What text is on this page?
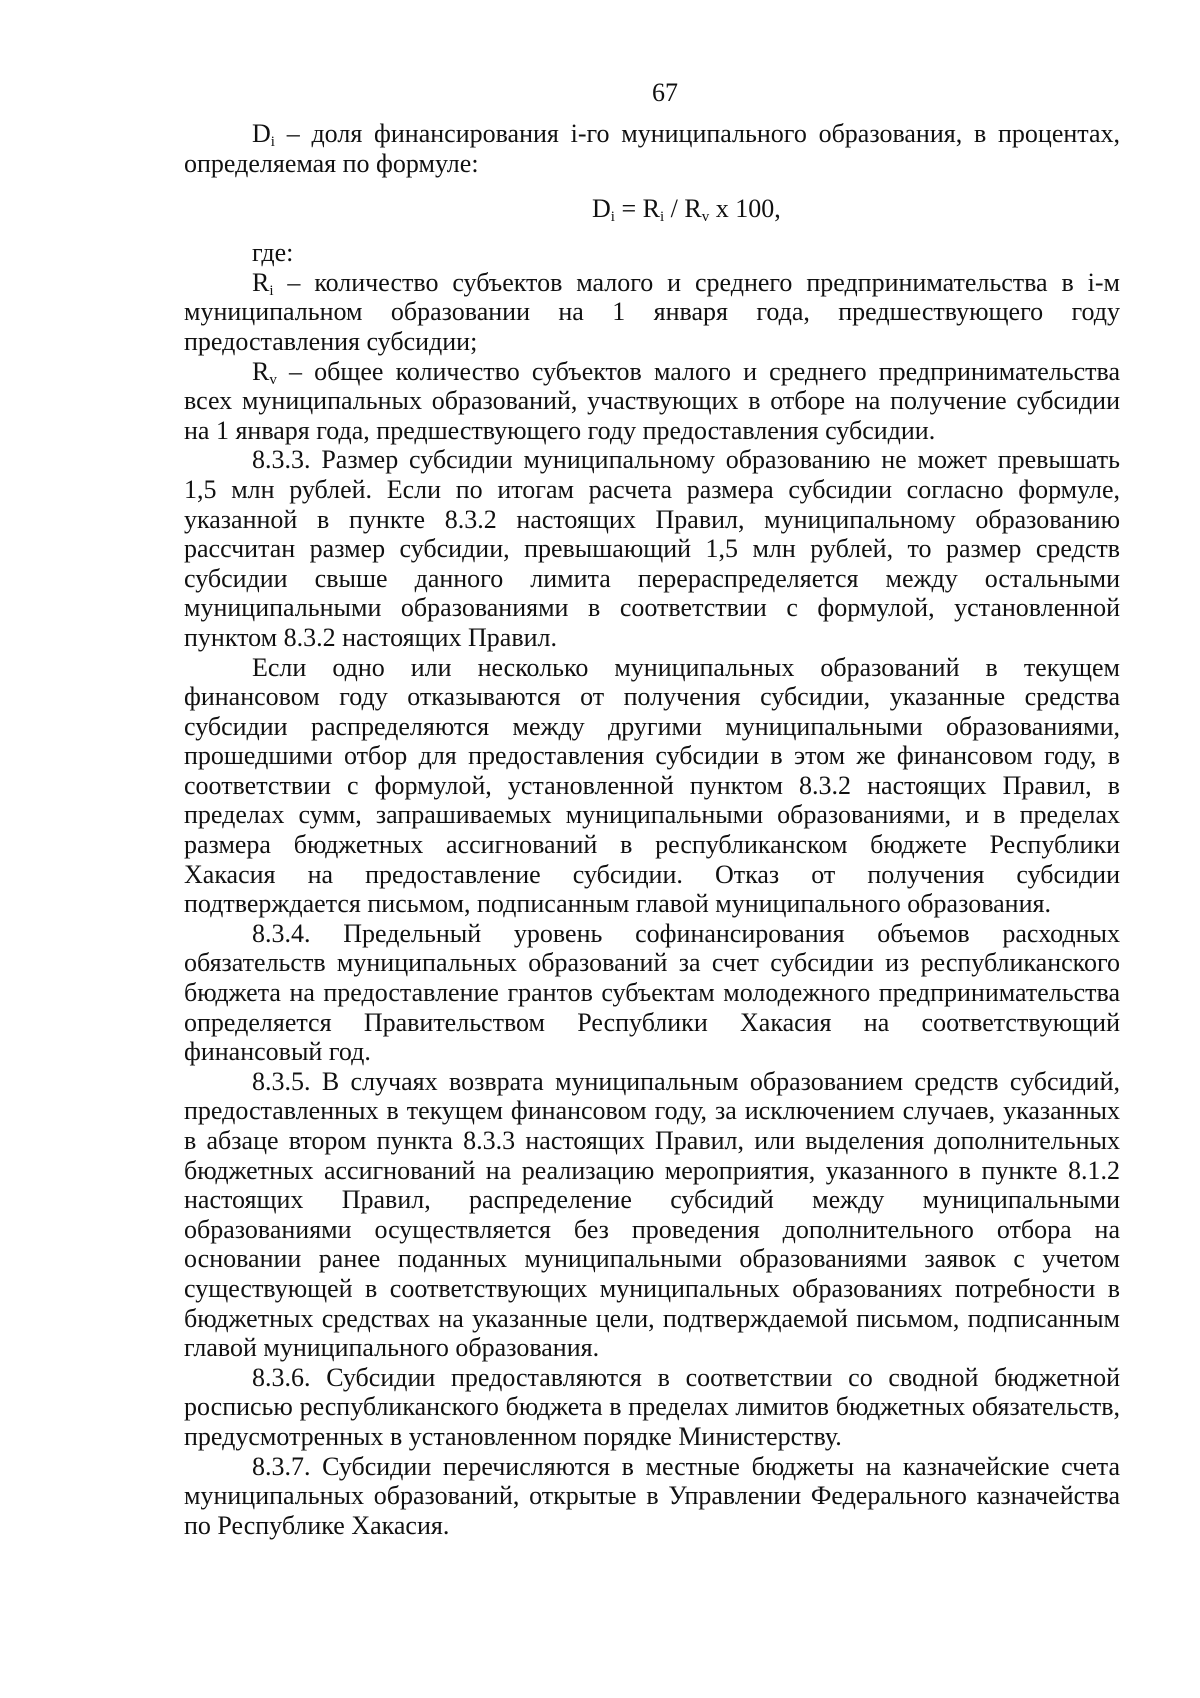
67

$D_i$ – доля финансирования i-го муниципального образования, в процентах, определяемая по формуле:

$D_i = R_i / R_v$ x 100,

где:

$R_i$ – количество субъектов малого и среднего предпринимательства в i-м муниципальном образовании на 1 января года, предшествующего году предоставления субсидии;

$R_v$ – общее количество субъектов малого и среднего предпринимательства всех муниципальных образований, участвующих в отборе на получение субсидии на 1 января года, предшествующего году предоставления субсидии.

8.3.3. Размер субсидии муниципальному образованию не может превышать 1,5 млн рублей. Если по итогам расчета размера субсидии согласно формуле, указанной в пункте 8.3.2 настоящих Правил, муниципальному образованию рассчитан размер субсидии, превышающий 1,5 млн рублей, то размер средств субсидии свыше данного лимита перераспределяется между остальными муниципальными образованиями в соответствии с формулой, установленной пунктом 8.3.2 настоящих Правил.

Если одно или несколько муниципальных образований в текущем финансовом году отказываются от получения субсидии, указанные средства субсидии распределяются между другими муниципальными образованиями, прошедшими отбор для предоставления субсидии в этом же финансовом году, в соответствии с формулой, установленной пунктом 8.3.2 настоящих Правил, в пределах сумм, запрашиваемых муниципальными образованиями, и в пределах размера бюджетных ассигнований в республиканском бюджете Республики Хакасия на предоставление субсидии. Отказ от получения субсидии подтверждается письмом, подписанным главой муниципального образования.

8.3.4. Предельный уровень софинансирования объемов расходных обязательств муниципальных образований за счет субсидии из республиканского бюджета на предоставление грантов субъектам молодежного предпринимательства определяется Правительством Республики Хакасия на соответствующий финансовый год.

8.3.5. В случаях возврата муниципальным образованием средств субсидий, предоставленных в текущем финансовом году, за исключением случаев, указанных в абзаце втором пункта 8.3.3 настоящих Правил, или выделения дополнительных бюджетных ассигнований на реализацию мероприятия, указанного в пункте 8.1.2 настоящих Правил, распределение субсидий между муниципальными образованиями осуществляется без проведения дополнительного отбора на основании ранее поданных муниципальными образованиями заявок с учетом существующей в соответствующих муниципальных образованиях потребности в бюджетных средствах на указанные цели, подтверждаемой письмом, подписанным главой муниципального образования.

8.3.6. Субсидии предоставляются в соответствии со сводной бюджетной росписью республиканского бюджета в пределах лимитов бюджетных обязательств, предусмотренных в установленном порядке Министерству.

8.3.7. Субсидии перечисляются в местные бюджеты на казначейские счета муниципальных образований, открытые в Управлении Федерального казначейства по Республике Хакасия.
